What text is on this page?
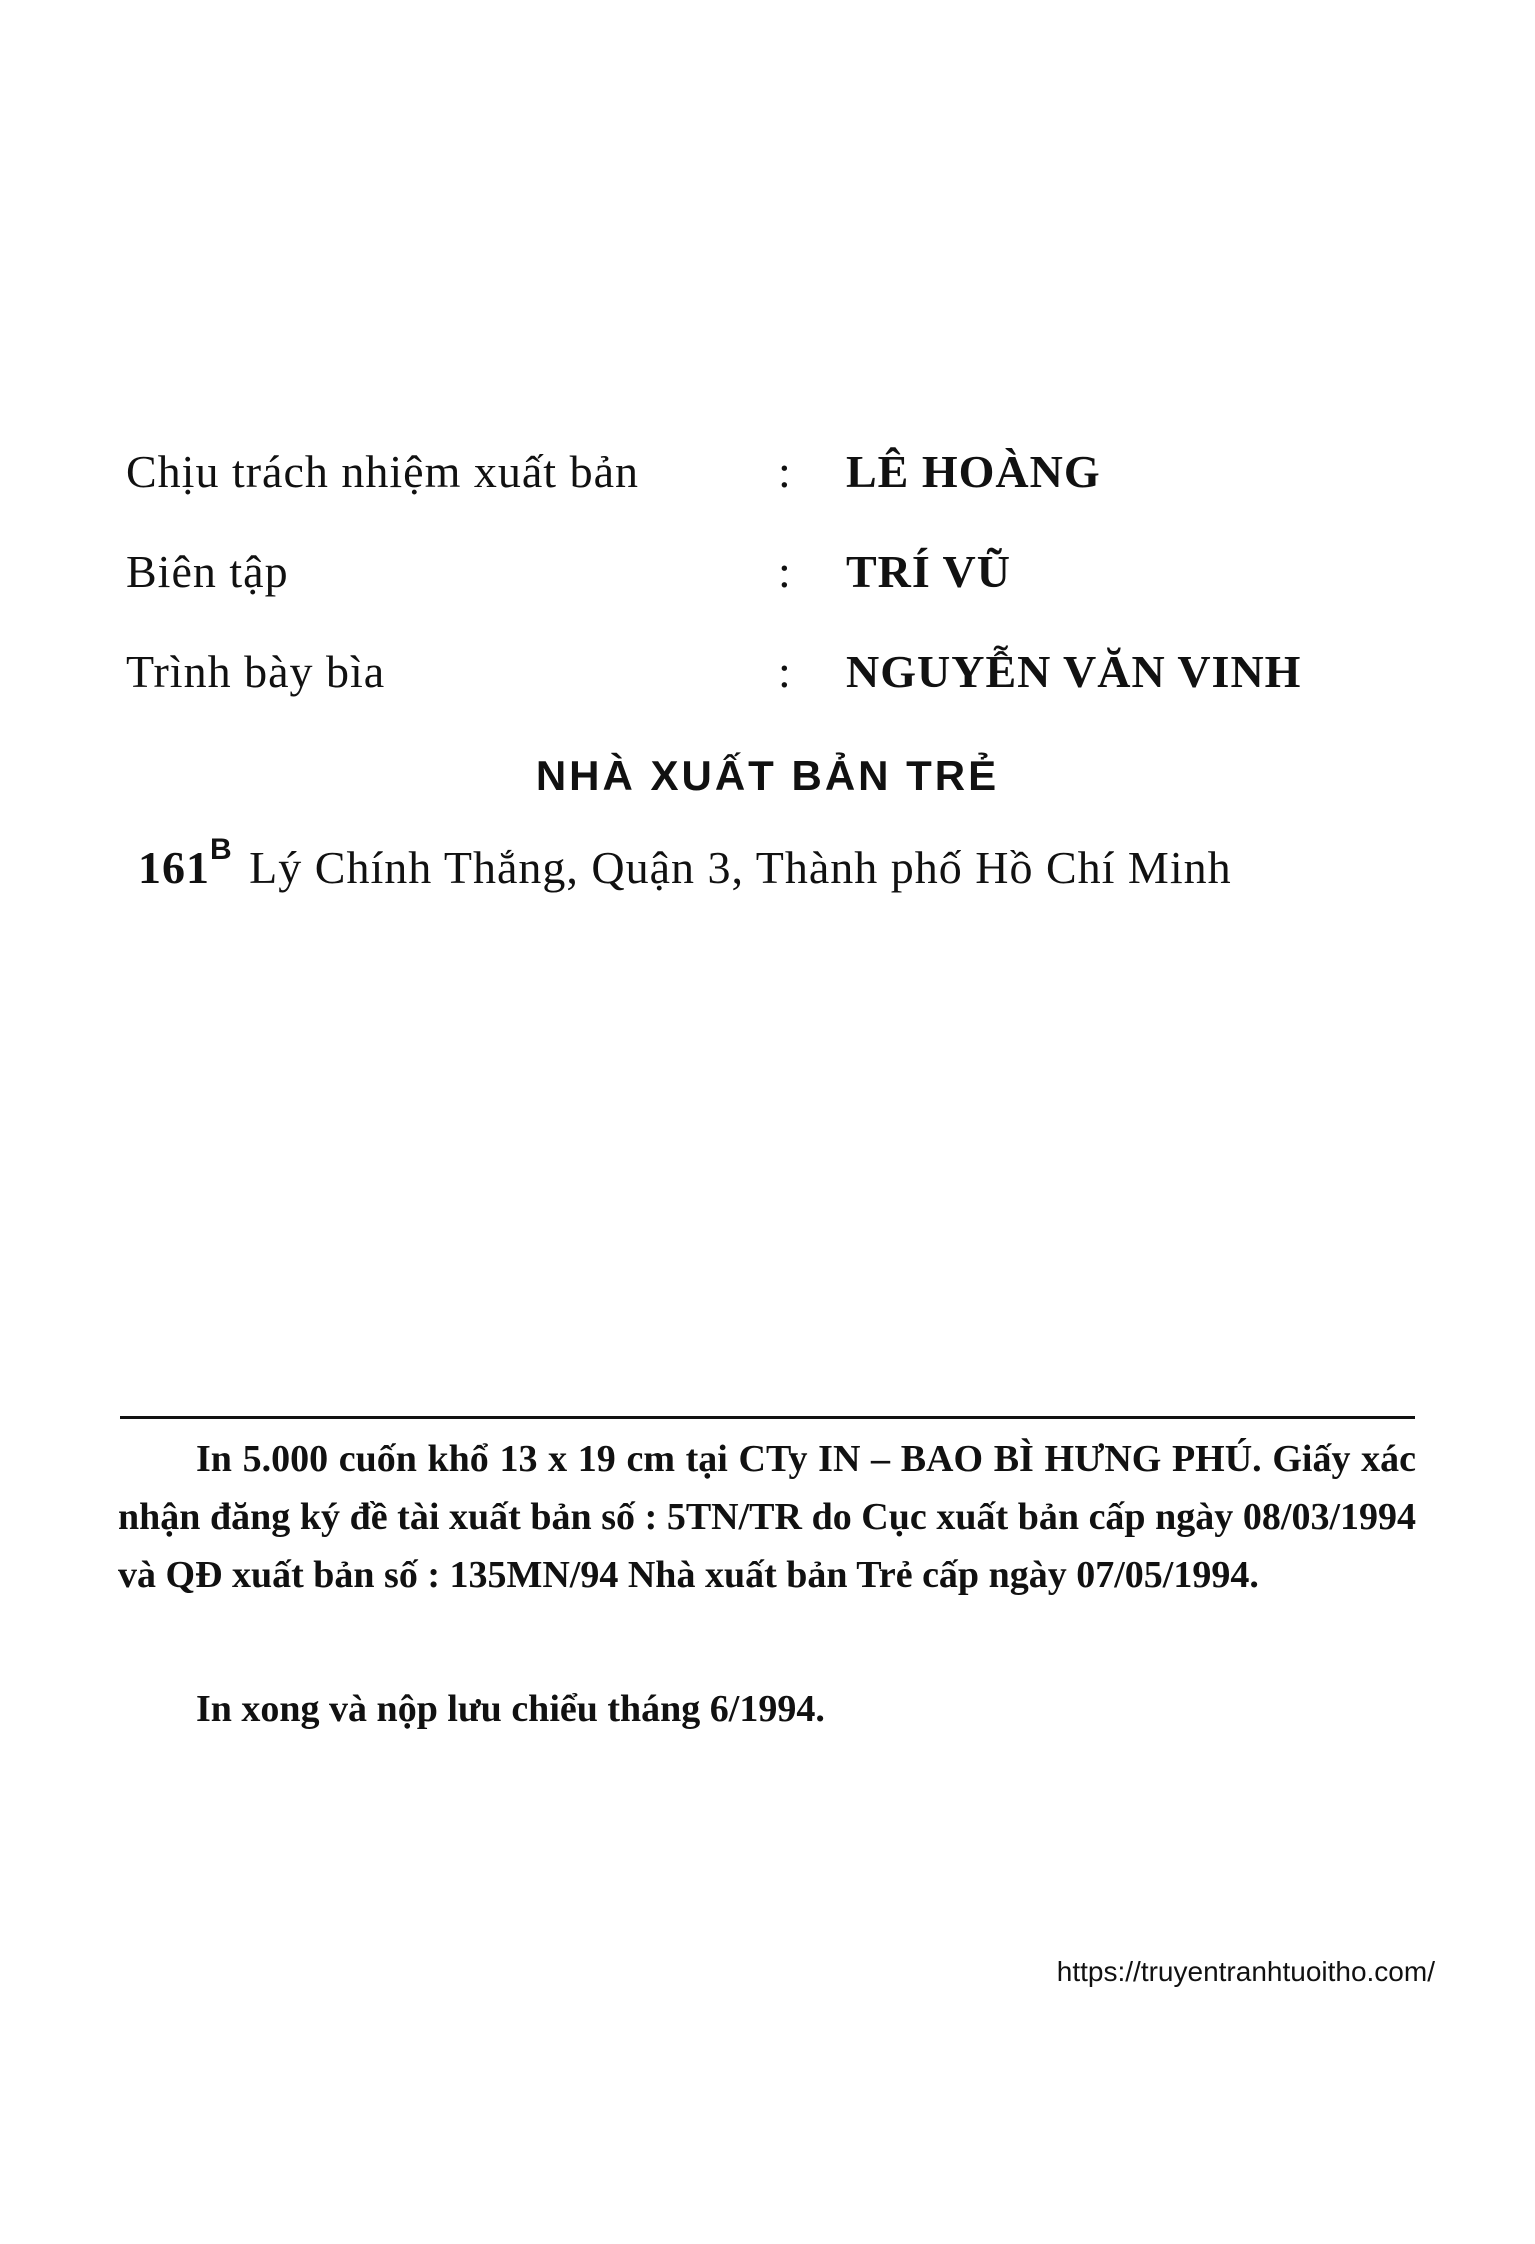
Chịu trách nhiệm xuất bản	: LÊ HOÀNG
Biên tập	: TRÍ VŨ
Trình bày bìa	: NGUYỄN VĂN VINH
NHÀ XUẤT BẢN TRẺ
$161^B$ Lý Chính Thắng, Quận 3, Thành phố Hồ Chí Minh

In 5.000 cuốn khổ 13 x 19 cm tại CTy IN – BAO BÌ HƯNG PHÚ. Giấy xác nhận đăng ký đề tài xuất bản số : 5TN/TR do Cục xuất bản cấp ngày 08/03/1994 và QĐ xuất bản số : 135MN/94 Nhà xuất bản Trẻ cấp ngày 07/05/1994.

In xong và nộp lưu chiểu tháng 6/1994.
https://truyentranhtuoitho.com/
